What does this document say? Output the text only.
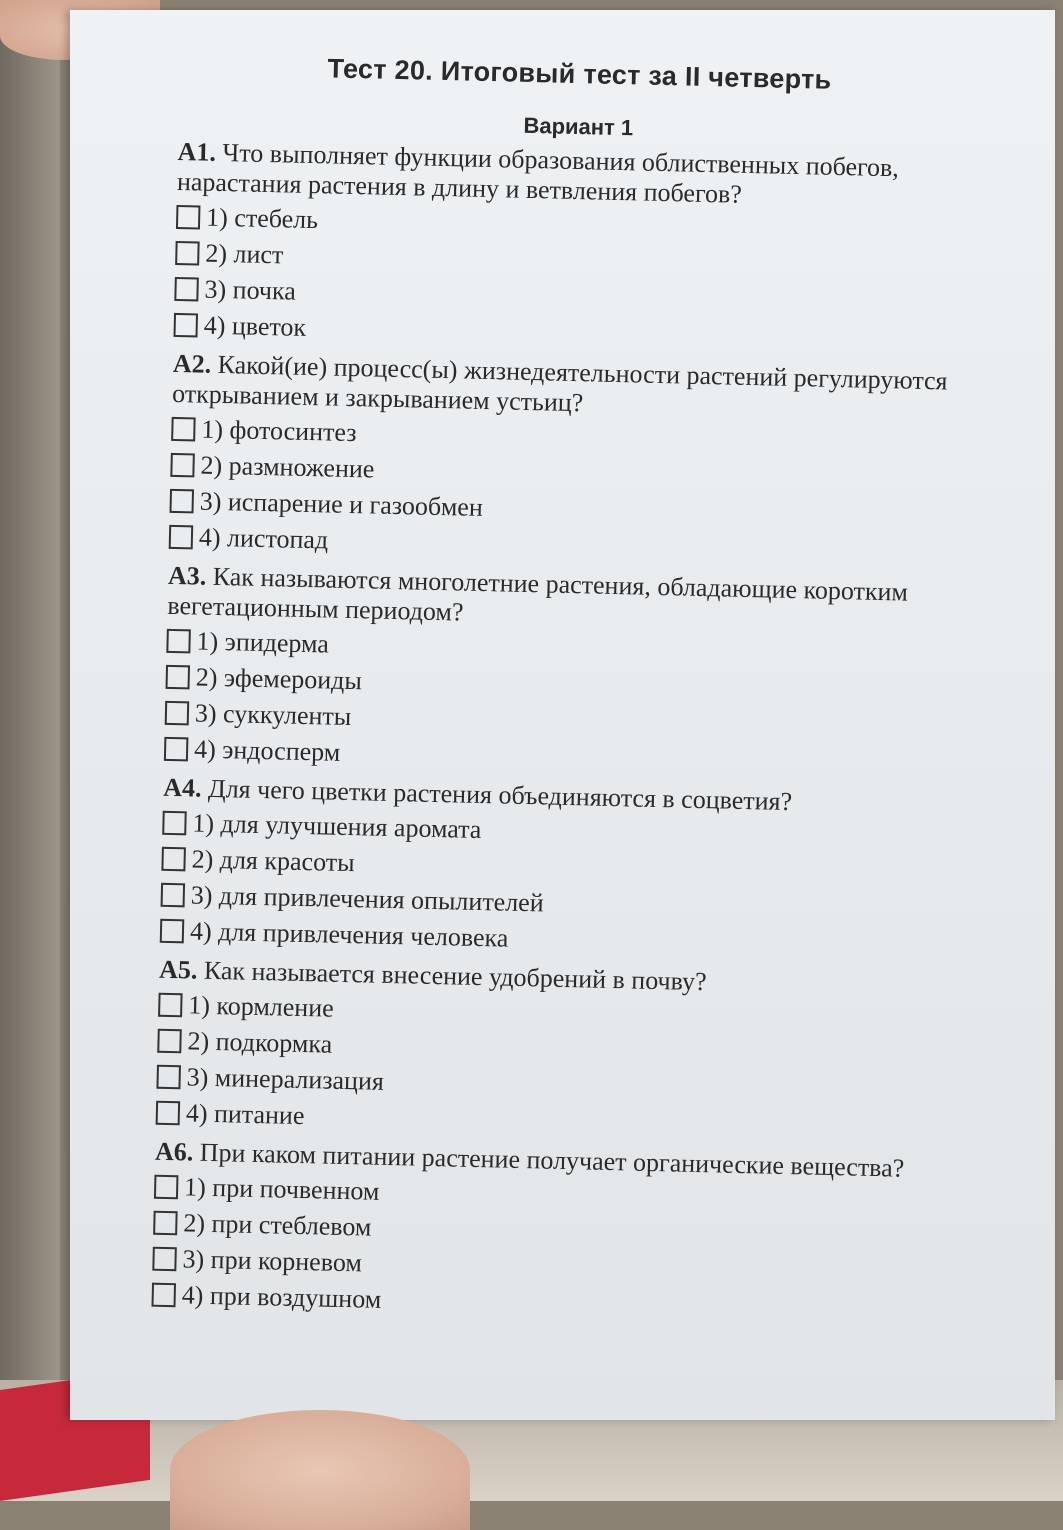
Тест 20. Итоговый тест за II четверть
Вариант 1
А1. Что выполняет функции образования облиственных побегов, нарастания растения в длину и ветвления побегов?
1) стебель
2) лист
3) почка
4) цветок
А2. Какой(ие) процесс(ы) жизнедеятельности растений регулируются открыванием и закрыванием устьиц?
1) фотосинтез
2) размножение
3) испарение и газообмен
4) листопад
А3. Как называются многолетние растения, обладающие коротким вегетационным периодом?
1) эпидерма
2) эфемероиды
3) суккуленты
4) эндосперм
А4. Для чего цветки растения объединяются в соцветия?
1) для улучшения аромата
2) для красоты
3) для привлечения опылителей
4) для привлечения человека
А5. Как называется внесение удобрений в почву?
1) кормление
2) подкормка
3) минерализация
4) питание
А6. При каком питании растение получает органические вещества?
1) при почвенном
2) при стеблевом
3) при корневом
4) при воздушном
